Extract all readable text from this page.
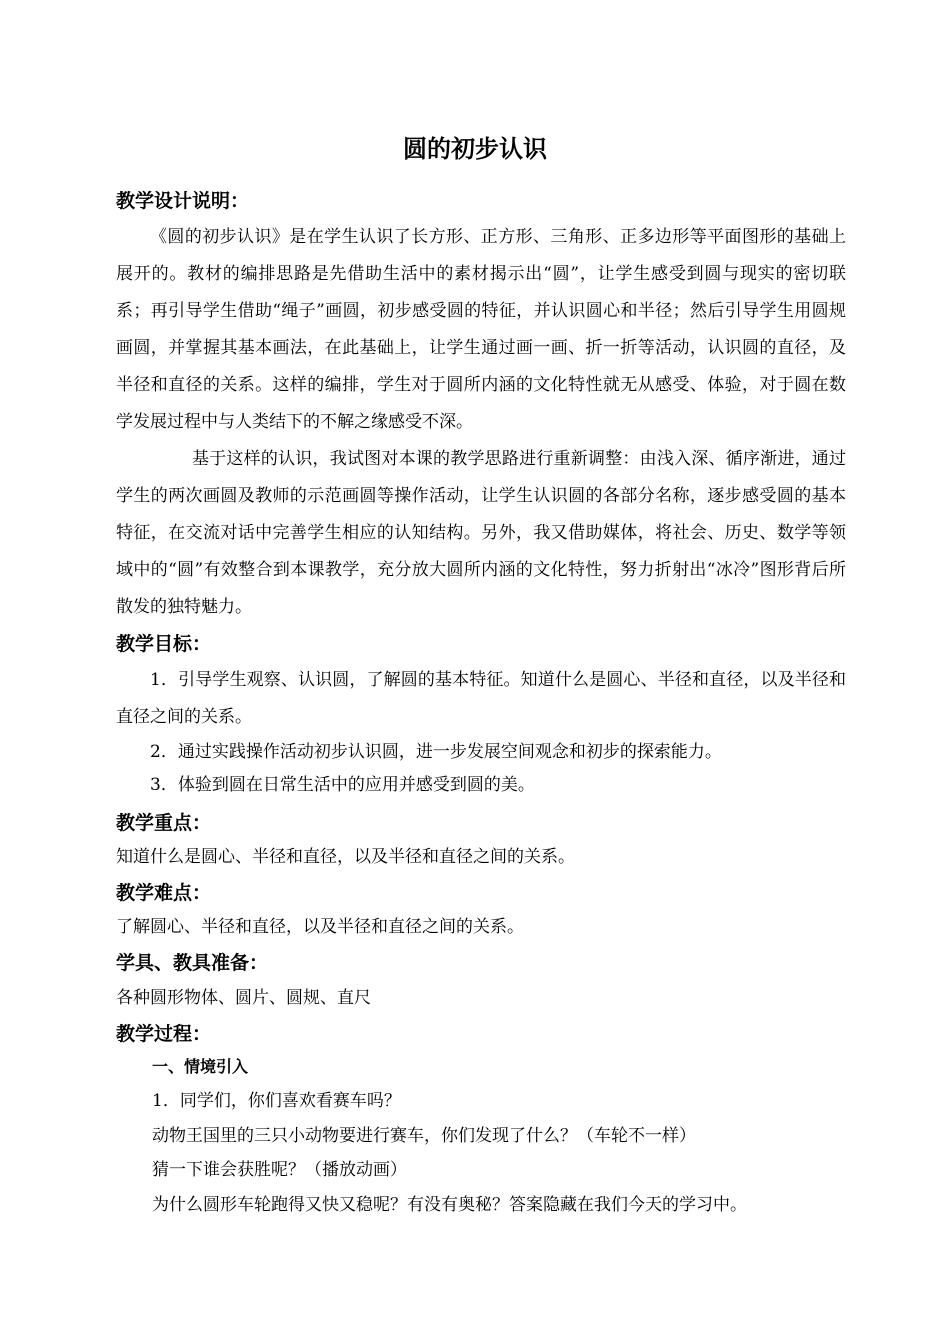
圆的初步认识
教学设计说明：

《圆的初步认识》是在学生认识了长方形、正方形、三角形、正多边形等平面图形的基础上展开的。教材的编排思路是先借助生活中的素材揭示出“圆”，让学生感受到圆与现实的密切联系；再引导学生借助“绳子”画圆，初步感受圆的特征，并认识圆心和半径；然后引导学生用圆规画圆，并掌握其基本画法，在此基础上，让学生通过画一画、折一折等活动，认识圆的直径，及半径和直径的关系。这样的编排，学生对于圆所内涵的文化特性就无从感受、体验，对于圆在数学发展过程中与人类结下的不解之缘感受不深。

基于这样的认识，我试图对本课的教学思路进行重新调整：由浅入深、循序渐进，通过学生的两次画圆及教师的示范画圆等操作活动，让学生认识圆的各部分名称，逐步感受圆的基本特征，在交流对话中完善学生相应的认知结构。另外，我又借助媒体，将社会、历史、数学等领域中的“圆”有效整合到本课教学，充分放大圆所内涵的文化特性，努力折射出“冰冷”图形背后所散发的独特魅力。

教学目标：

1．引导学生观察、认识圆，了解圆的基本特征。知道什么是圆心、半径和直径，以及半径和直径之间的关系。

2．通过实践操作活动初步认识圆，进一步发展空间观念和初步的探索能力。

3．体验到圆在日常生活中的应用并感受到圆的美。

教学重点：

知道什么是圆心、半径和直径，以及半径和直径之间的关系。

教学难点：

了解圆心、半径和直径，以及半径和直径之间的关系。

学具、教具准备：

各种圆形物体、圆片、圆规、直尺

教学过程：
一、情境引入

1．同学们，你们喜欢看赛车吗？

动物王国里的三只小动物要进行赛车，你们发现了什么？（车轮不一样）

猜一下谁会获胜呢？（播放动画）

为什么圆形车轮跑得又快又稳呢？有没有奥秘？答案隐藏在我们今天的学习中。
